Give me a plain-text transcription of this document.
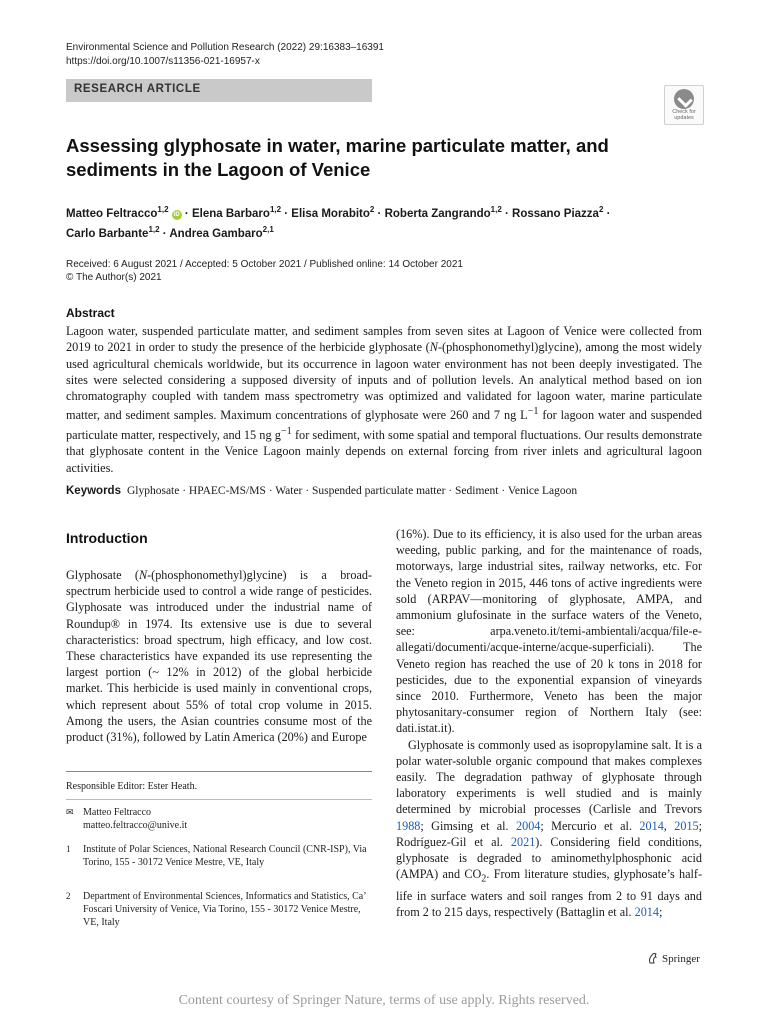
Environmental Science and Pollution Research (2022) 29:16383–16391
https://doi.org/10.1007/s11356-021-16957-x
RESEARCH ARTICLE
Check for
updates
Assessing glyphosate in water, marine particulate matter, and sediments in the Lagoon of Venice
Matteo Feltracco$^{1,2}$ iD · Elena Barbaro$^{1,2}$ · Elisa Morabito$^2$ · Roberta Zangrando$^{1,2}$ · Rossano Piazza$^2$ ·
Carlo Barbante$^{1,2}$ · Andrea Gambaro$^{2,1}$
Received: 6 August 2021 / Accepted: 5 October 2021 / Published online: 14 October 2021
© The Author(s) 2021
Abstract
Lagoon water, suspended particulate matter, and sediment samples from seven sites at Lagoon of Venice were collected from 2019 to 2021 in order to study the presence of the herbicide glyphosate (N-(phosphonomethyl)glycine), among the most widely used agricultural chemicals worldwide, but its occurrence in lagoon water environment has not been deeply investigated. The sites were selected considering a supposed diversity of inputs and of pollution levels. An analytical method based on ion chromatography coupled with tandem mass spectrometry was optimized and validated for lagoon water, marine particulate matter, and sediment samples. Maximum concentrations of glyphosate were 260 and 7 ng $L^{-1}$ for lagoon water and suspended particulate matter, respectively, and 15 ng $g^{-1}$ for sediment, with some spatial and temporal fluctuations. Our results demonstrate that glyphosate content in the Venice Lagoon mainly depends on external forcing from river inlets and agricultural lagoon activities.
Keywords Glyphosate · HPAEC-MS/MS · Water · Suspended particulate matter · Sediment · Venice Lagoon
Introduction

Glyphosate (N-(phosphonomethyl)glycine) is a broad-spectrum herbicide used to control a wide range of pesticides. Glyphosate was introduced under the industrial name of Roundup® in 1974. Its extensive use is due to several characteristics: broad spectrum, high efficacy, and low cost. These characteristics have expanded its use representing the largest portion (~ 12% in 2012) of the global herbicide market. This herbicide is used mainly in conventional crops, which represent about 55% of total crop volume in 2015. Among the users, the Asian countries consume most of the product (31%), followed by Latin America (20%) and Europe

(16%). Due to its efficiency, it is also used for the urban areas weeding, public parking, and for the maintenance of roads, motorways, large industrial sites, railway networks, etc. For the Veneto region in 2015, 446 tons of active ingredients were sold (ARPAV—monitoring of glyphosate, AMPA, and ammonium glufosinate in the surface waters of the Veneto, see: arpa.veneto.it/temi-ambientali/acqua/file-e-allegati/documenti/acque-interne/acque-superficiali). The Veneto region has reached the use of 20 k tons in 2018 for pesticides, due to the exponential expansion of vineyards since 2010. Furthermore, Veneto has been the major phytosanitary-consumer region of Northern Italy (see: dati.istat.it).

Glyphosate is commonly used as isopropylamine salt. It is a polar water-soluble organic compound that makes complexes easily. The degradation pathway of glyphosate through laboratory experiments is well studied and is mainly determined by microbial processes (Carlisle and Trevors 1988; Gimsing et al. 2004; Mercurio et al. 2014, 2015; Rodríguez-Gil et al. 2021). Considering field conditions, glyphosate is degraded to aminomethylphosphonic acid (AMPA) and $CO_2$. From literature studies, glyphosate’s half-life in surface waters and soil ranges from 2 to 91 days and from 2 to 215 days, respectively (Battaglin et al. 2014;

Responsible Editor: Ester Heath.
✉ Matteo Feltracco
matteo.feltracco@unive.it
1	Institute of Polar Sciences, National Research Council (CNR-ISP), Via Torino, 155 - 30172 Venice Mestre, VE, Italy
2	Department of Environmental Sciences, Informatics and Statistics, Ca’ Foscari University of Venice, Via Torino, 155 - 30172 Venice Mestre, VE, Italy
Springer
Content courtesy of Springer Nature, terms of use apply. Rights reserved.
